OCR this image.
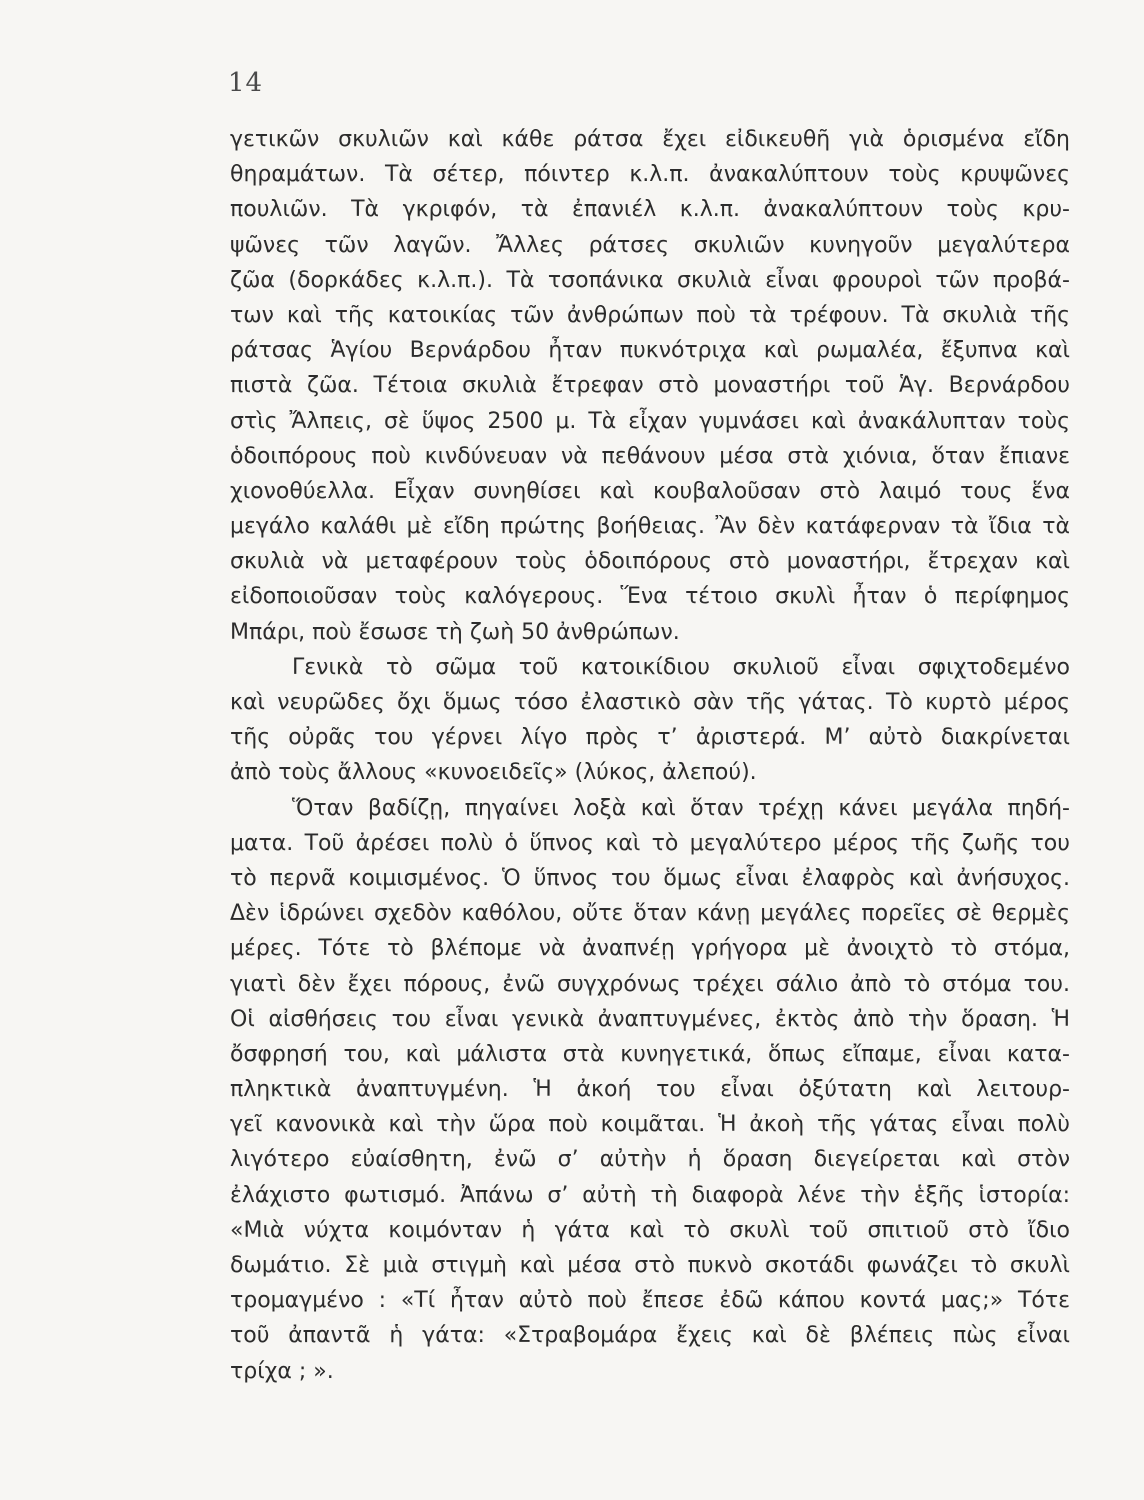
14
γετικῶν σκυλιῶν καὶ κάθε ράτσα ἔχει εἰδικευθῆ γιὰ ὁρισμένα εἴδη
θηραμάτων. Τὰ σέτερ, πόιντερ κ.λ.π. ἀνακαλύπτουν τοὺς κρυψῶνες
πουλιῶν. Τὰ γκριφόν, τὰ ἐπανιέλ κ.λ.π. ἀνακαλύπτουν τοὺς κρυ-
ψῶνες τῶν λαγῶν. Ἄλλες ράτσες σκυλιῶν κυνηγοῦν μεγαλύτερα
ζῶα (δορκάδες κ.λ.π.). Τὰ τσοπάνικα σκυλιὰ εἶναι φρουροὶ τῶν προβά-
των καὶ τῆς κατοικίας τῶν ἀνθρώπων ποὺ τὰ τρέφουν. Τὰ σκυλιὰ τῆς
ράτσας Ἁγίου Βερνάρδου ἦταν πυκνότριχα καὶ ρωμαλέα, ἔξυπνα καὶ
πιστὰ ζῶα. Τέτοια σκυλιὰ ἔτρεφαν στὸ μοναστήρι τοῦ Ἁγ. Βερνάρδου
στὶς Ἄλπεις, σὲ ὕψος 2500 μ. Τὰ εἶχαν γυμνάσει καὶ ἀνακάλυπταν τοὺς
ὁδοιπόρους ποὺ κινδύνευαν νὰ πεθάνουν μέσα στὰ χιόνια, ὅταν ἔπιανε
χιονοθύελλα. Εἶχαν συνηθίσει καὶ κουβαλοῦσαν στὸ λαιμό τους ἕνα
μεγάλο καλάθι μὲ εἴδη πρώτης βοήθειας. Ἂν δὲν κατάφερναν τὰ ἴδια τὰ
σκυλιὰ νὰ μεταφέρουν τοὺς ὁδοιπόρους στὸ μοναστήρι, ἔτρεχαν καὶ
εἰδοποιοῦσαν τοὺς καλόγερους. Ἕνα τέτοιο σκυλὶ ἦταν ὁ περίφημος
Μπάρι, ποὺ ἔσωσε τὴ ζωὴ 50 ἀνθρώπων.
Γενικὰ τὸ σῶμα τοῦ κατοικίδιου σκυλιοῦ εἶναι σφιχτοδεμένο
καὶ νευρῶδες ὄχι ὅμως τόσο ἐλαστικὸ σὰν τῆς γάτας. Τὸ κυρτὸ μέρος
τῆς οὐρᾶς του γέρνει λίγο πρὸς τ’ ἀριστερά. Μ’ αὐτὸ διακρίνεται
ἀπὸ τοὺς ἄλλους «κυνοειδεῖς» (λύκος, ἀλεπού).
Ὅταν βαδίζῃ, πηγαίνει λοξὰ καὶ ὅταν τρέχῃ κάνει μεγάλα πηδή-
ματα. Τοῦ ἀρέσει πολὺ ὁ ὕπνος καὶ τὸ μεγαλύτερο μέρος τῆς ζωῆς του
τὸ περνᾶ κοιμισμένος. Ὁ ὕπνος του ὅμως εἶναι ἐλαφρὸς καὶ ἀνήσυχος.
Δὲν ἱδρώνει σχεδὸν καθόλου, οὔτε ὅταν κάνῃ μεγάλες πορεῖες σὲ θερμὲς
μέρες. Τότε τὸ βλέπομε νὰ ἀναπνέῃ γρήγορα μὲ ἀνοιχτὸ τὸ στόμα,
γιατὶ δὲν ἔχει πόρους, ἐνῶ συγχρόνως τρέχει σάλιο ἀπὸ τὸ στόμα του.
Οἱ αἰσθήσεις του εἶναι γενικὰ ἀναπτυγμένες, ἐκτὸς ἀπὸ τὴν ὅραση. Ἡ
ὄσφρησή του, καὶ μάλιστα στὰ κυνηγετικά, ὅπως εἴπαμε, εἶναι κατα-
πληκτικὰ ἀναπτυγμένη. Ἡ ἀκοή του εἶναι ὀξύτατη καὶ λειτουρ-
γεῖ κανονικὰ καὶ τὴν ὥρα ποὺ κοιμᾶται. Ἡ ἀκοὴ τῆς γάτας εἶναι πολὺ
λιγότερο εὐαίσθητη, ἐνῶ σ’ αὐτὴν ἡ ὅραση διεγείρεται καὶ στὸν
ἐλάχιστο φωτισμό. Ἀπάνω σ’ αὐτὴ τὴ διαφορὰ λένε τὴν ἑξῆς ἱστορία:
«Μιὰ νύχτα κοιμόνταν ἡ γάτα καὶ τὸ σκυλὶ τοῦ σπιτιοῦ στὸ ἴδιο
δωμάτιο. Σὲ μιὰ στιγμὴ καὶ μέσα στὸ πυκνὸ σκοτάδι φωνάζει τὸ σκυλὶ
τρομαγμένο : «Τί ἦταν αὐτὸ ποὺ ἔπεσε ἐδῶ κάπου κοντά μας;» Τότε
τοῦ ἀπαντᾶ ἡ γάτα: «Στραβομάρα ἔχεις καὶ δὲ βλέπεις πὼς εἶναι
τρίχα ; ».
